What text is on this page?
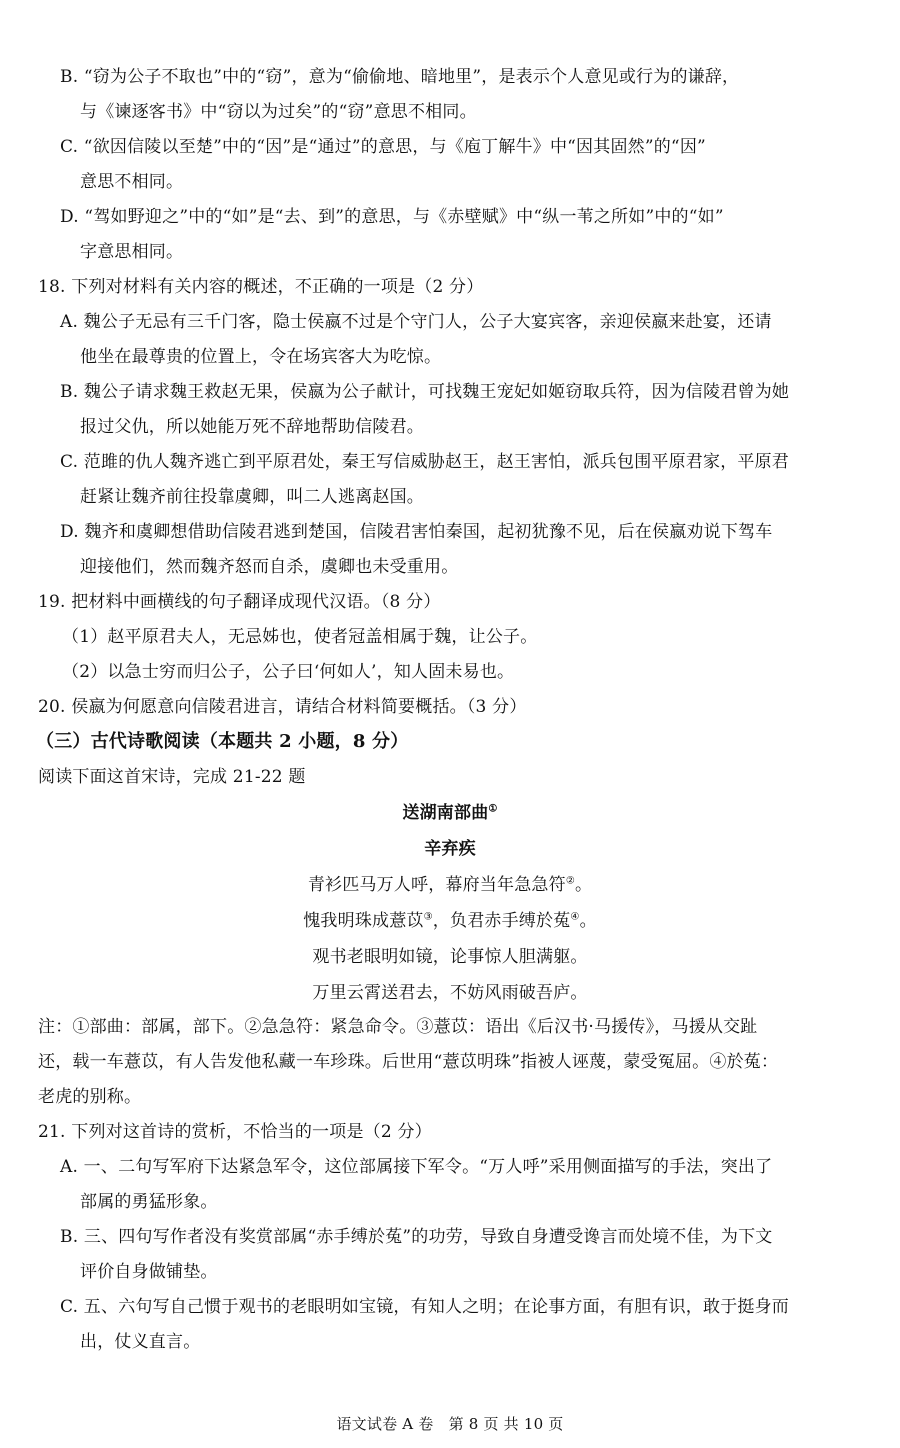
B. “窃为公子不取也”中的“窃”，意为“偷偷地、暗地里”，是表示个人意见或行为的谦辞，
与《谏逐客书》中“窃以为过矣”的“窃”意思不相同。
C. “欲因信陵以至楚”中的“因”是“通过”的意思，与《庖丁解牛》中“因其固然”的“因”
意思不相同。
D. “驾如野迎之”中的“如”是“去、到”的意思，与《赤壁赋》中“纵一苇之所如”中的“如”
字意思相同。
18. 下列对材料有关内容的概述，不正确的一项是（2 分）
A. 魏公子无忌有三千门客，隐士侯嬴不过是个守门人，公子大宴宾客，亲迎侯嬴来赴宴，还请
他坐在最尊贵的位置上，令在场宾客大为吃惊。
B. 魏公子请求魏王救赵无果，侯嬴为公子献计，可找魏王宠妃如姬窃取兵符，因为信陵君曾为她
报过父仇，所以她能万死不辞地帮助信陵君。
C. 范雎的仇人魏齐逃亡到平原君处，秦王写信威胁赵王，赵王害怕，派兵包围平原君家，平原君
赶紧让魏齐前往投靠虞卿，叫二人逃离赵国。
D. 魏齐和虞卿想借助信陵君逃到楚国，信陵君害怕秦国，起初犹豫不见，后在侯嬴劝说下驾车
迎接他们，然而魏齐怒而自杀，虞卿也未受重用。
19. 把材料中画横线的句子翻译成现代汉语。（8 分）
（1）赵平原君夫人，无忌姊也，使者冠盖相属于魏，让公子。
（2）以急士穷而归公子，公子曰‘何如人’，知人固未易也。
20. 侯嬴为何愿意向信陵君进言，请结合材料简要概括。（3 分）
（三）古代诗歌阅读（本题共 2 小题，8 分）
阅读下面这首宋诗，完成 21-22 题
送湖南部曲①
辛弃疾
青衫匹马万人呼，幕府当年急急符②。
愧我明珠成薏苡③，负君赤手缚於菟④。
观书老眼明如镜，论事惊人胆满躯。
万里云霄送君去，不妨风雨破吾庐。
注：①部曲：部属，部下。②急急符：紧急命令。③薏苡：语出《后汉书·马援传》，马援从交趾
还，载一车薏苡，有人告发他私藏一车珍珠。后世用“薏苡明珠”指被人诬蔑，蒙受冤屈。④於菟：
老虎的别称。
21. 下列对这首诗的赏析，不恰当的一项是（2 分）
A. 一、二句写军府下达紧急军令，这位部属接下军令。“万人呼”采用侧面描写的手法，突出了
部属的勇猛形象。
B. 三、四句写作者没有奖赏部属“赤手缚於菟”的功劳，导致自身遭受谗言而处境不佳，为下文
评价自身做铺垫。
C. 五、六句写自己惯于观书的老眼明如宝镜，有知人之明；在论事方面，有胆有识，敢于挺身而
出，仗义直言。
语文试卷 A 卷　第 8 页 共 10 页
